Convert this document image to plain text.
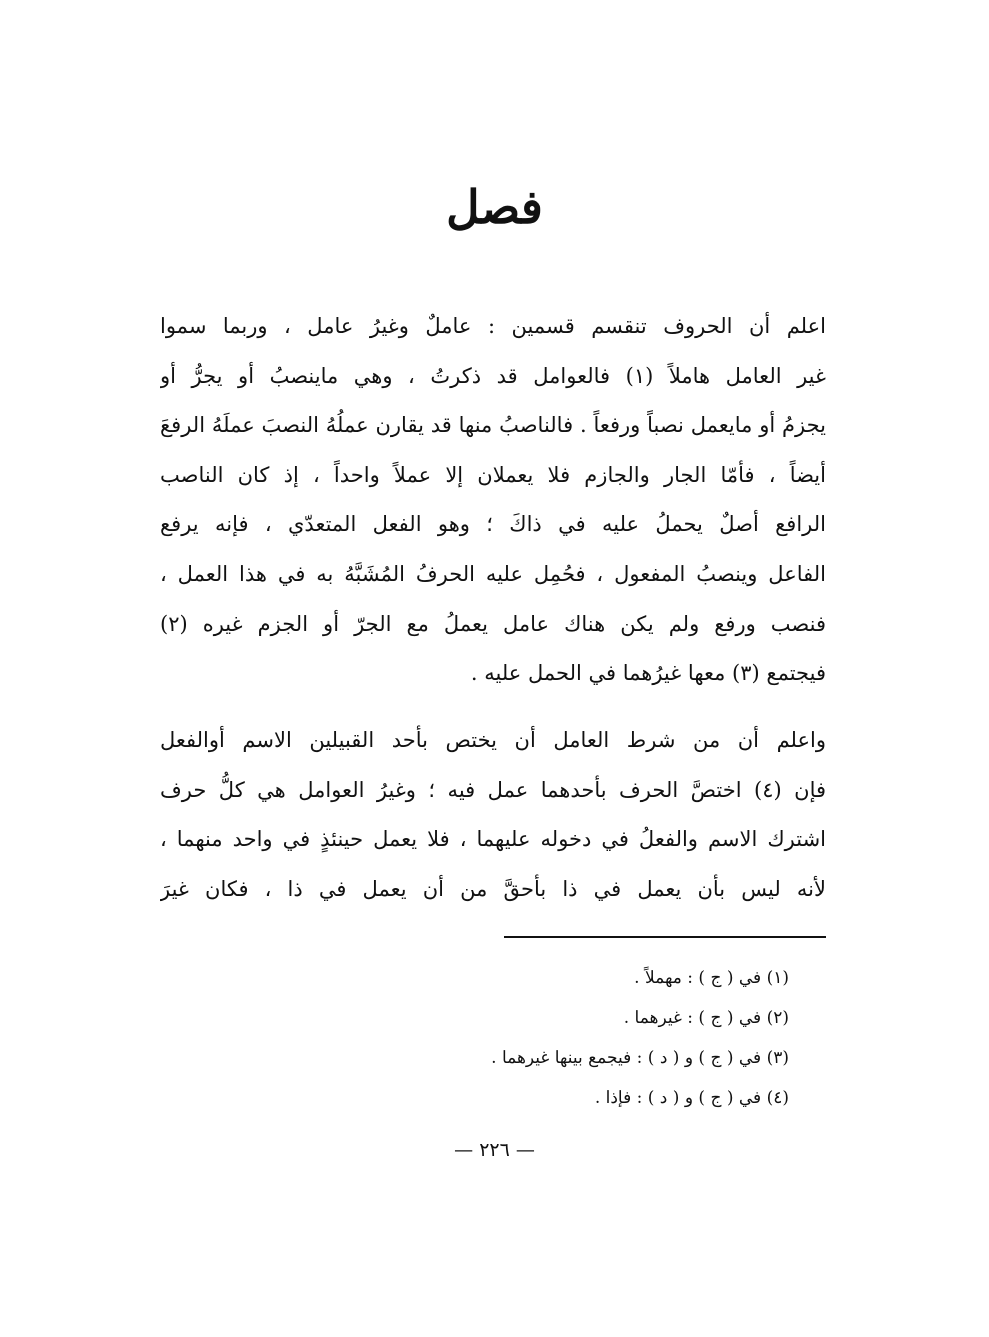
فصل
اعلم أن الحروف تنقسم قسمين : عاملٌ وغيرُ عامل ، وربما سموا
غير العامل هاملاً (١) فالعوامل قد ذكرتُ ، وهي ماينصبُ أو يجرُّ أو
يجزمُ أو مايعمل نصباً ورفعاً . فالناصبُ منها قد يقارن عملُهُ النصبَ عملَهُ الرفعَ
أيضاً ، فأمّا الجار والجازم فلا يعملان إلا عملاً واحداً ، إذ كان الناصب
الرافع أصلٌ يحملُ عليه في ذاكَ ؛ وهو الفعل المتعدّي ، فإنه يرفع
الفاعل وينصبُ المفعول ، فحُمِل عليه الحرفُ المُشَبَّهُ به في هذا العمل ،
فنصب ورفع ولم يكن هناك عامل يعملُ مع الجرّ أو الجزم غيره (٢)
فيجتمع (٣) معها غيرُهما في الحمل عليه .
واعلم أن من شرط العامل أن يختص بأحد القبيلين الاسم أوالفعل
فإن (٤) اختصَّ الحرف بأحدهما عمل فيه ؛ وغيرُ العوامل هي كلُّ حرف
اشترك الاسم والفعلُ في دخوله عليهما ، فلا يعمل حينئذٍ في واحد منهما ،
لأنه ليس بأن يعمل في ذا بأحقَّ من أن يعمل في ذا ، فكان غيرَ
(١) في ( ج ) : مهملاً .
(٢) في ( ج ) : غيرهما .
(٣) في ( ج ) و ( د ) : فيجمع بينها غيرهما .
(٤) في ( ج ) و ( د ) : فإذا .
— ٢٢٦ —
